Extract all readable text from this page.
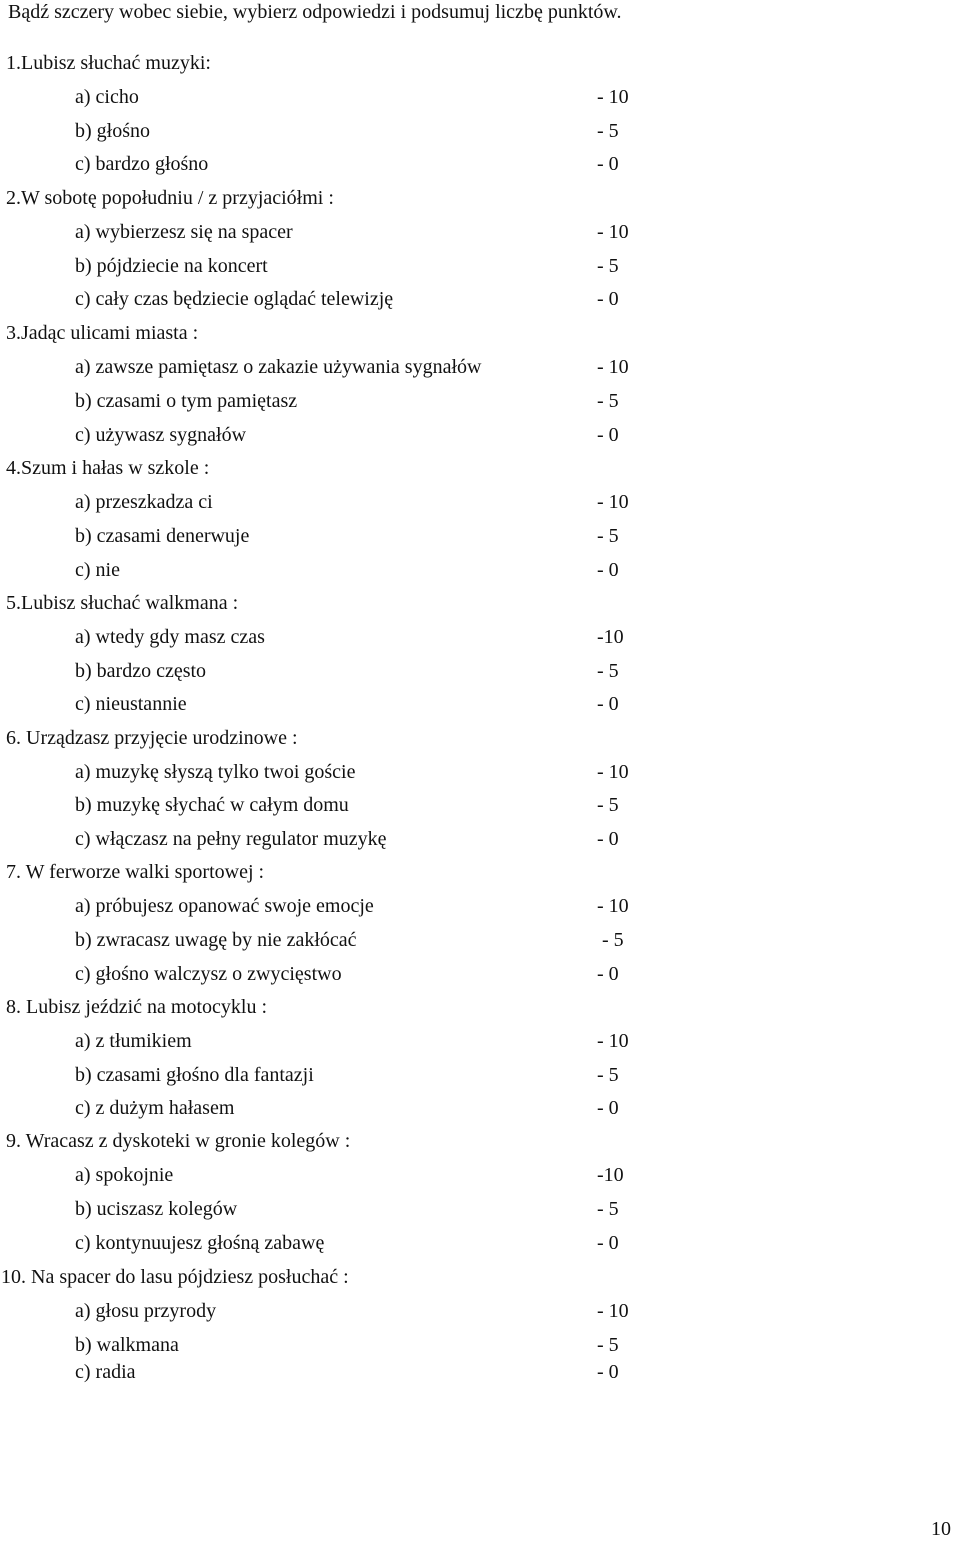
Bądź szczery wobec siebie, wybierz odpowiedzi i podsumuj liczbę punktów.
1.Lubisz słuchać muzyki:
a) cicho	- 10
b) głośno	- 5
c) bardzo głośno	- 0
2.W sobotę popołudniu / z przyjaciółmi :
a) wybierzesz się na spacer	- 10
b) pójdziecie na koncert	- 5
c) cały czas będziecie oglądać telewizję	- 0
3.Jadąc ulicami miasta :
a) zawsze pamiętasz o zakazie używania sygnałów	- 10
b) czasami o tym pamiętasz	- 5
c) używasz sygnałów	- 0
4.Szum i hałas w szkole :
a) przeszkadza ci	- 10
b) czasami denerwuje	- 5
c) nie	- 0
5.Lubisz słuchać walkmana :
a) wtedy gdy masz czas	-10
b) bardzo często	- 5
c) nieustannie	- 0
6. Urządzasz przyjęcie urodzinowe :
a) muzykę słyszą tylko twoi goście	- 10
b) muzykę słychać w całym domu	- 5
c) włączasz na pełny regulator muzykę	- 0
7. W ferworze walki sportowej :
a) próbujesz opanować swoje emocje	- 10
b) zwracasz uwagę by nie zakłócać	- 5
c) głośno walczysz o zwycięstwo	- 0
8. Lubisz jeździć na motocyklu :
a) z tłumikiem	- 10
b) czasami głośno dla fantazji	- 5
c) z dużym hałasem	- 0
9. Wracasz z dyskoteki w gronie kolegów :
a) spokojnie	-10
b) uciszasz kolegów	- 5
c) kontynuujesz głośną zabawę	- 0
10. Na spacer do lasu pójdziesz posłuchać :
a) głosu przyrody	- 10
b) walkmana	- 5
c) radia	- 0
10
